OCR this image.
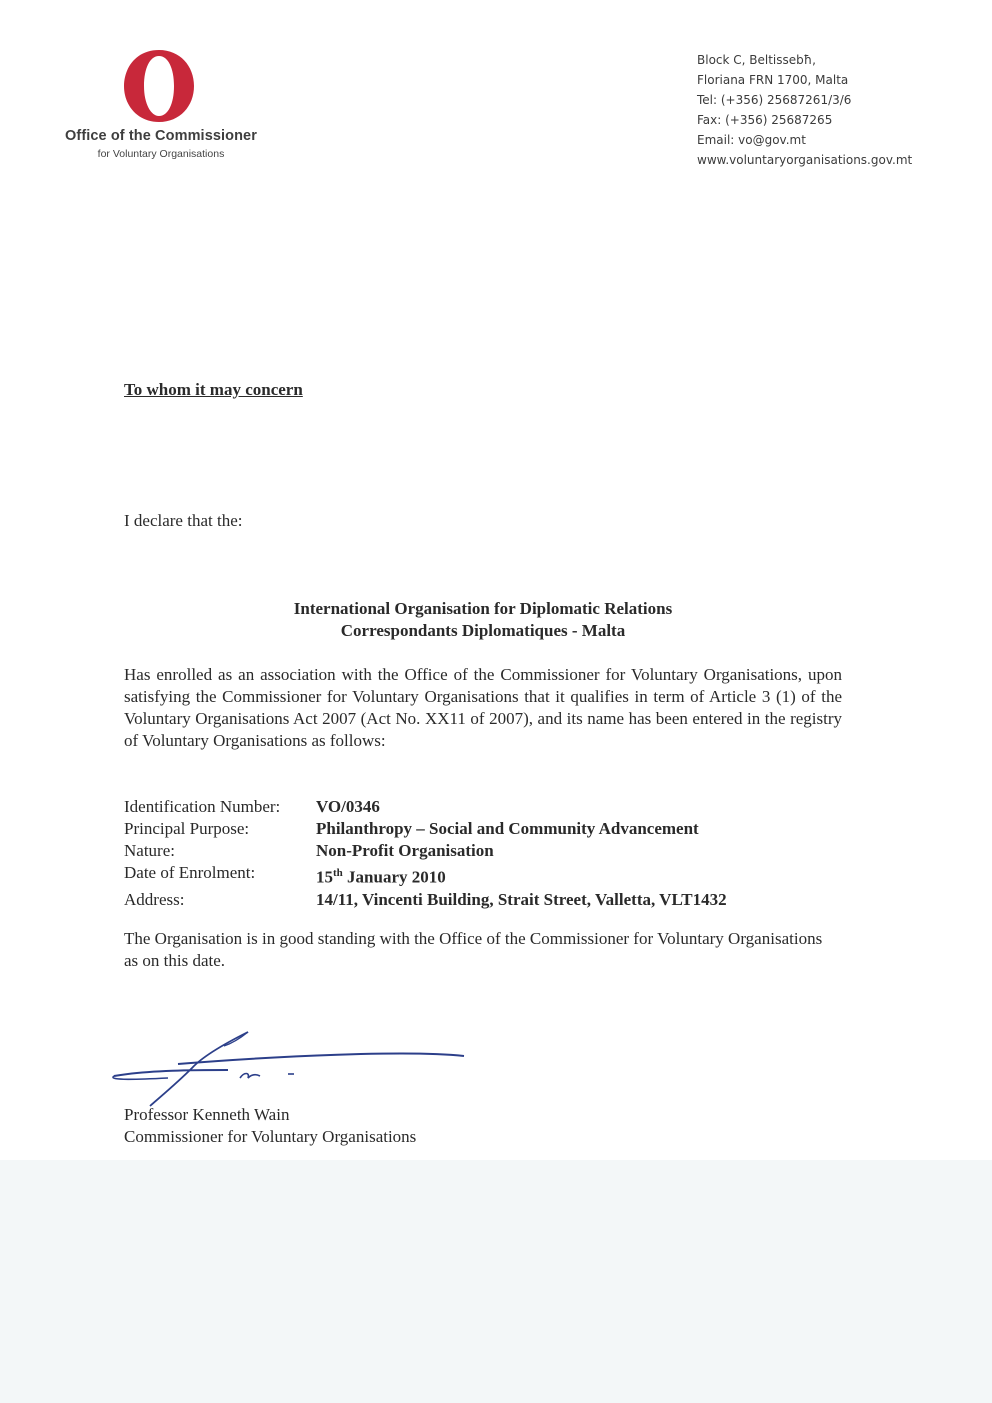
Office of the Commissioner
for Voluntary Organisations
Block C, Beltissebħ,
Floriana FRN 1700, Malta
Tel: (+356) 25687261/3/6
Fax: (+356) 25687265
Email: vo@gov.mt
www.voluntaryorganisations.gov.mt
To whom it may concern
I declare that the:
International Organisation for Diplomatic Relations
Correspondants Diplomatiques - Malta
Has enrolled as an association with the Office of the Commissioner for Voluntary Organisations, upon satisfying the Commissioner for Voluntary Organisations that it qualifies in term of Article 3 (1) of the Voluntary Organisations Act 2007 (Act No. XX11 of 2007), and its name has been entered in the registry of Voluntary Organisations as follows:
Identification Number:	VO/0346
Principal Purpose:	Philanthropy – Social and Community Advancement
Nature:	Non-Profit Organisation
Date of Enrolment:	15th January 2010
Address:	14/11, Vincenti Building, Strait Street, Valletta, VLT1432
The Organisation is in good standing with the Office of the Commissioner for Voluntary Organisations as on this date.
Professor Kenneth Wain
Commissioner for Voluntary Organisations
